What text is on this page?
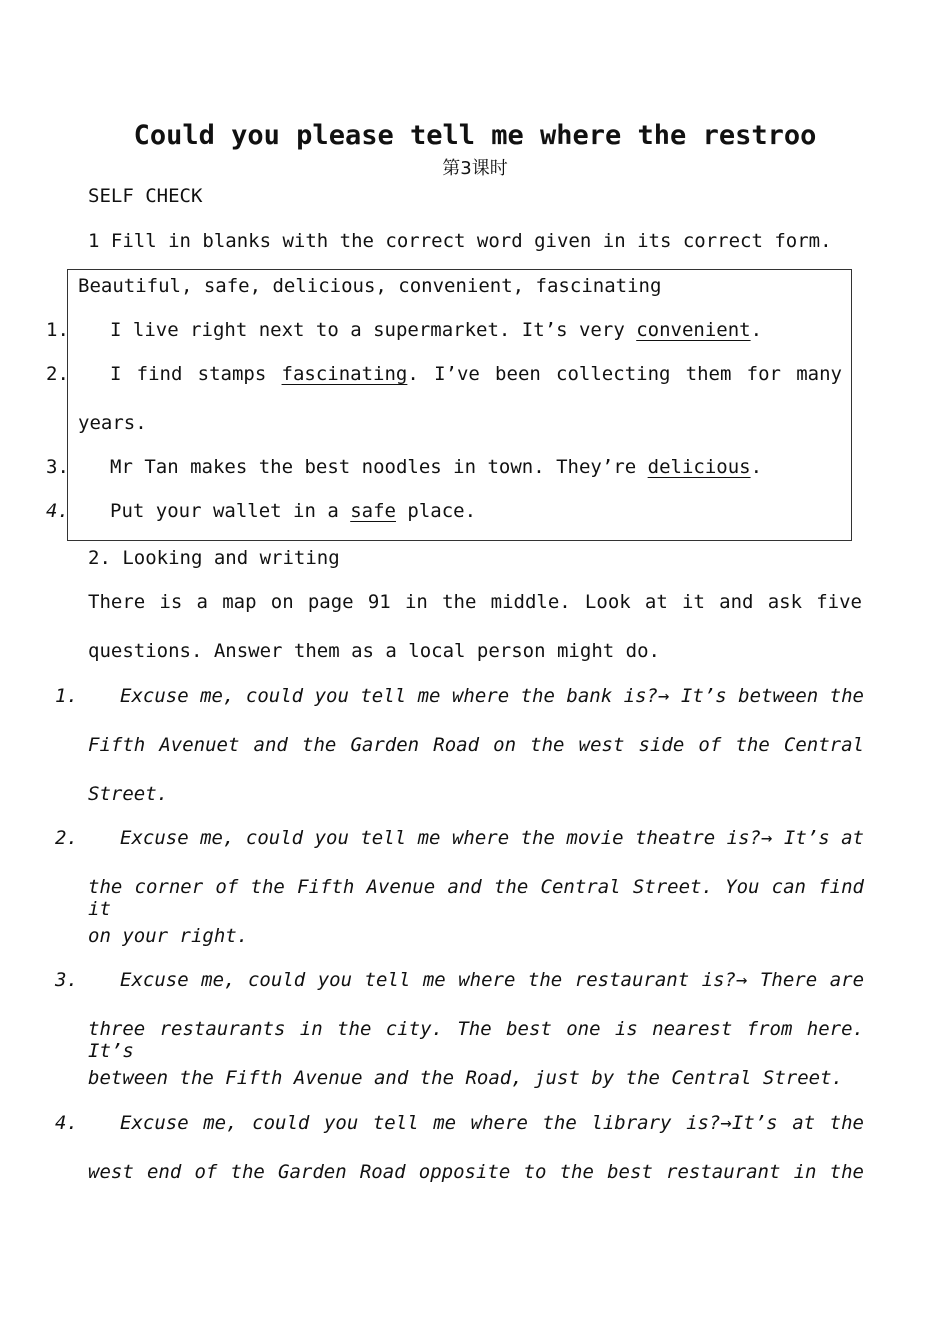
Could you please tell me where the restroo
第3课时
SELF CHECK
1 Fill in blanks with the correct word given in its correct form.
Beautiful, safe, delicious, convenient, fascinating
1. I live right next to a supermarket. It’s very convenient.
2. I find stamps fascinating. I’ve been collecting them for many
years.
3. Mr Tan makes the best noodles in town. They’re delicious.
4. Put your wallet in a safe place.
2. Looking and writing
There is a map on page 91 in the middle. Look at it and ask five
questions. Answer them as a local person might do.
1. Excuse me, could you tell me where the bank is?→ It’s between the
Fifth Avenuet and the Garden Road on the west side of the Central
Street.
2. Excuse me, could you tell me where the movie theatre is?→ It’s at
the corner of the Fifth Avenue and the Central Street. You can find it
on your right.
3. Excuse me, could you tell me where the restaurant is?→ There are
three restaurants in the city. The best one is nearest from here. It’s
between the Fifth Avenue and the Road, just by the Central Street.
4. Excuse me, could you tell me where the library is?→It’s at the
west end of the Garden Road opposite to the best restaurant in the
